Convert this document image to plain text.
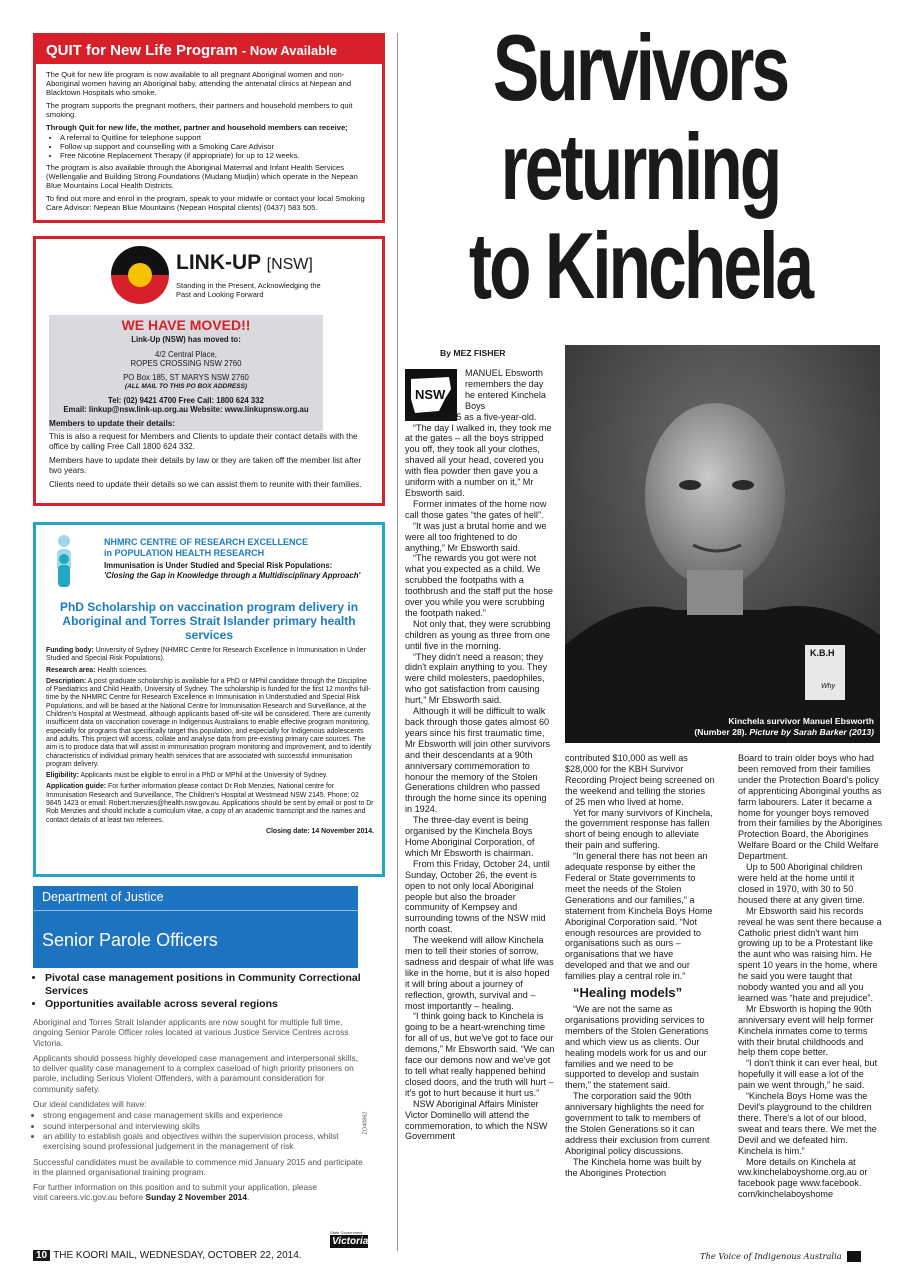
QUIT for New Life Program - Now Available

The Quit for new life program is now available to all pregnant Aboriginal women and non-Aboriginal women having an Aboriginal baby, attending the antenatal clinics at Nepean and Blacktown Hospitals who smoke.

The program supports the pregnant mothers, their partners and household members to quit smoking.

Through Quit for new life, the mother, partner and household members can receive;

• A referral to Quitline for telephone support
• Follow up support and counselling with a Smoking Care Advisor
• Free Nicotine Replacement Therapy (if appropriate) for up to 12 weeks.

The program is also available through the Aboriginal Maternal and Infant Health Services (Wellengalie and Building Strong Foundations (Mudang Mudjin) which operate in the Nepean Blue Mountains Local Health Districts.

To find out more and enrol in the program, speak to your midwife or contact your local Smoking Care Advisor: Nepean Blue Mountains (Nepean Hospital clients) (0437) 583 505.

LINK-UP [NSW]
Standing in the Present, Acknowledging the Past and Looking Forward
WE HAVE MOVED!!
Link-Up (NSW) has moved to:
4/2 Central Place,
ROPES CROSSING NSW 2760
PO Box 185, ST MARYS NSW 2760
(ALL MAIL TO THIS PO BOX ADDRESS)
Tel: (02) 9421 4700 Free Call: 1800 624 332
Email: linkup@nsw.link-up.org.au Website: www.linkupnsw.org.au

Members to update their details:

This is also a request for Members and Clients to update their contact details with the office by calling Free Call 1800 624 332.

Members have to update their details by law or they are taken off the member list after two years.

Clients need to update their details so we can assist them to reunite with their families.

NHMRC CENTRE OF RESEARCH EXCELLENCE
in POPULATION HEALTH RESEARCH
Immunisation is Under Studied and Special Risk Populations:
'Closing the Gap in Knowledge through a Multidisciplinary Approach'
PhD Scholarship on vaccination program delivery in Aboriginal and Torres Strait Islander primary health services

Funding body: University of Sydney (NHMRC Centre for Research Excellence in Immunisation in Under Studied and Special Risk Populations).

Research area: Health sciences.

Description: A post graduate scholarship is available for a PhD or MPhil candidate through the Discipline of Paediatrics and Child Health, University of Sydney. The scholarship is funded for the first 12 months full-time by the NHMRC Centre for Research Excellence in Immunisation in Understudied and Special Risk Populations, and will be based at the National Centre for Immunisation Research and Surveillance, at the Children's Hospital at Westmead, although applicants based off-site will be considered. There are currently insufficient data on vaccination coverage in Indigenous Australians to enable effective program monitoring, especially for programs that specifically target this population, and especially for Indigenous adolescents and adults. This project will access, collate and analyse data from pre-existing primary care sources. The aim is to produce data that will assist in immunisation program monitoring and improvement, and to identify characteristics of individual primary health services that are associated with successful immunisation program delivery.

Eligibility: Applicants must be eligible to enrol in a PhD or MPhil at the University of Sydney.

Application guide: For further information please contact Dr Rob Menzies, National centre for Immunisation Research and Surveillance, The Children's Hospital at Westmead NSW 2145. Phone: 02 9845 1423 or email: Robert.menzies@health.nsw.gov.au. Applications should be sent by email or post to Dr Rob Menzies and should include a curriculum vitae, a copy of an academic transcript and the names and contact details of at least two referees.

Closing date: 14 November 2014.

Department of Justice
Senior Parole Officers
• Pivotal case management positions in Community Correctional Services
• Opportunities available across several regions

Aboriginal and Torres Strait Islander applicants are now sought for multiple full time, ongoing Senior Parole Officer roles located at various Justice Service Centres across Victoria.

Applicants should possess highly developed case management and interpersonal skills, to deliver quality case management to a complex caseload of high priority prisoners on parole, including Serious Violent Offenders, with a paramount consideration for community safety.

Our ideal candidates will have:

• strong engagement and case management skills and experience
• sound interpersonal and interviewing skills
• an ability to establish goals and objectives within the supervision process, whilst exercising sound professional judgement in the management of risk

Successful candidates must be available to commence mid January 2015 and participate in the planned organisational training program.

For further information on this position and to submit your application, please visit careers.vic.gov.au before Sunday 2 November 2014.

ZO40862
State Government
Victoria
Survivors
returning
to Kinchela
By MEZ FISHER
NSW

MANUEL Ebsworth remembers the day he entered Kinchela Boys

Home in 1955 as a five-year-old.

“The day I walked in, they took me at the gates – all the boys stripped you off, they took all your clothes, shaved all your head, covered you with flea powder then gave you a uniform with a number on it,” Mr Ebsworth said.

Former inmates of the home now call those gates “the gates of hell”.

“It was just a brutal home and we were all too frightened to do anything,” Mr Ebsworth said.

“The rewards you got were not what you expected as a child. We scrubbed the footpaths with a toothbrush and the staff put the hose over you while you were scrubbing the footpath naked.”

Not only that, they were scrubbing children as young as three from one until five in the morning.

“They didn't need a reason; they didn't explain anything to you. They were child molesters, paedophiles, who got satisfaction from causing hurt,” Mr Ebsworth said.

Although it will be difficult to walk back through those gates almost 60 years since his first traumatic time, Mr Ebsworth will join other survivors and their descendants at a 90th anniversary commemoration to honour the memory of the Stolen Generations children who passed through the home since its opening in 1924.

The three-day event is being organised by the Kinchela Boys Home Aboriginal Corporation, of which Mr Ebsworth is chairman.

From this Friday, October 24, until Sunday, October 26, the event is open to not only local Aboriginal people but also the broader community of Kempsey and surrounding towns of the NSW mid north coast.

The weekend will allow Kinchela men to tell their stories of sorrow, sadness and despair of what life was like in the home, but it is also hoped it will bring about a journey of reflection, growth, survival and – most importantly – healing.

“I think going back to Kinchela is going to be a heart-wrenching time for all of us, but we've got to face our demons,” Mr Ebsworth said. “We can face our demons now and we've got to tell what really happened behind closed doors, and the truth will hurt – it's got to hurt because it hurt us.”

NSW Aboriginal Affairs Minister Victor Dominello will attend the commemoration, to which the NSW Government

K.B.H
Why
Kinchela survivor Manuel Ebsworth
(Number 28). Picture by Sarah Barker (2013)

contributed $10,000 as well as $28,000 for the KBH Survivor Recording Project being screened on the weekend and telling the stories of 25 men who lived at home.

Yet for many survivors of Kinchela, the government response has fallen short of being enough to alleviate their pain and suffering.

“In general there has not been an adequate response by either the Federal or State governments to meet the needs of the Stolen Generations and our families,” a statement from Kinchela Boys Home Aboriginal Corporation said. “Not enough resources are provided to organisations such as ours – organisations that we have developed and that we and our families play a central role in.”

“Healing models”

“We are not the same as organisations providing services to members of the Stolen Generations and which view us as clients. Our healing models work for us and our families and we need to be supported to develop and sustain them,” the statement said.

The corporation said the 90th anniversary highlights the need for government to talk to members of the Stolen Generations so it can address their exclusion from current Aboriginal policy discussions.

The Kinchela home was built by the Aborigines Protection

Board to train older boys who had been removed from their families under the Protection Board's policy of apprenticing Aboriginal youths as farm labourers. Later it became a home for younger boys removed from their families by the Aborigines Protection Board, the Aborigines Welfare Board or the Child Welfare Department.

Up to 500 Aboriginal children were held at the home until it closed in 1970, with 30 to 50 housed there at any given time.

Mr Ebsworth said his records reveal he was sent there because a Catholic priest didn't want him growing up to be a Protestant like the aunt who was raising him. He spent 10 years in the home, where he said you were taught that nobody wanted you and all you learned was “hate and prejudice”.

Mr Ebsworth is hoping the 90th anniversary event will help former Kinchela inmates come to terms with their brutal childhoods and help them cope better.

“I don't think it can ever heal, but hopefully it will ease a lot of the pain we went through,” he said.

“Kinchela Boys Home was the Devil's playground to the children there. There's a lot of our blood, sweat and tears there. We met the Devil and we defeated him. Kinchela is him.”

More details on Kinchela at ww.kinchelaboyshome.org.au or facebook page www.facebook. com/kinchelaboyshome

10 THE KOORI MAIL, WEDNESDAY, OCTOBER 22, 2014.	The Voice of Indigenous Australia
